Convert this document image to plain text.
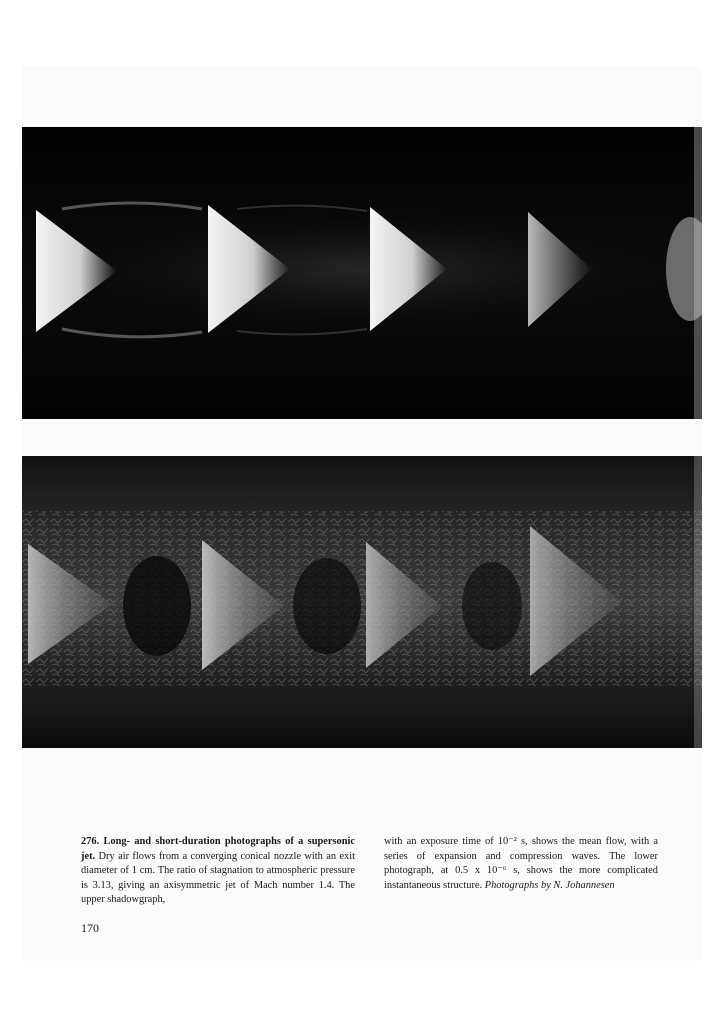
276. Long- and short-duration photographs of a supersonic jet. Dry air flows from a converging conical nozzle with an exit diameter of 1 cm. The ratio of stagnation to atmospheric pressure is 3.13, giving an axisymmetric jet of Mach number 1.4. The upper shadowgraph,
with an exposure time of 10⁻² s, shows the mean flow, with a series of expansion and compression waves. The lower photograph, at 0.5 x 10⁻⁶ s, shows the more complicated instantaneous structure. Photographs by N. Johannesen
170
